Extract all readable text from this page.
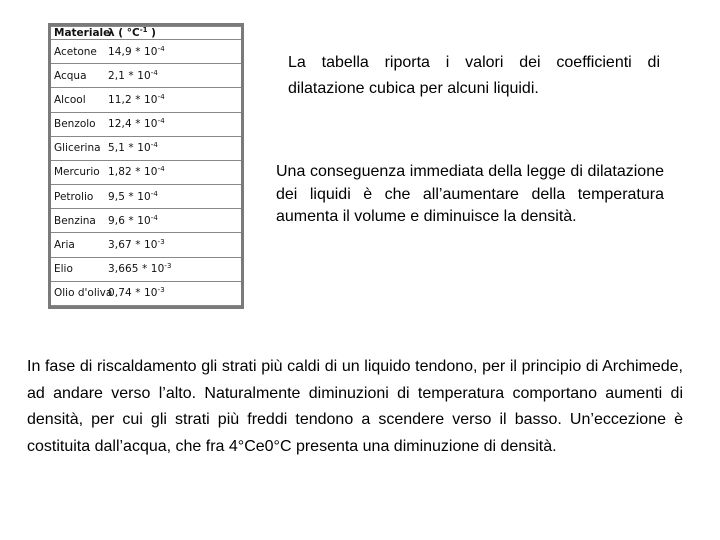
Materiale	λ ( $^\circ C^{-1}$ )
Acetone	$14,9 * 10^{-4}$
Acqua	$2,1 * 10^{-4}$
Alcool	$11,2 * 10^{-4}$
Benzolo	$12,4 * 10^{-4}$
Glicerina	$5,1 * 10^{-4}$
Mercurio	$1,82 * 10^{-4}$
Petrolio	$9,5 * 10^{-4}$
Benzina	$9,6 * 10^{-4}$
Aria	$3,67 * 10^{-3}$
Elio	$3,665 * 10^{-3}$
Olio d'oliva	$0,74 * 10^{-3}$

La tabella riporta i valori dei coefficienti di dilatazione cubica per alcuni liquidi.

Una conseguenza immediata della legge di dilatazione dei liquidi è che all’aumentare della temperatura aumenta il volume e diminuisce la densità.

In fase di riscaldamento gli strati più caldi di un liquido tendono, per il principio di Archimede, ad andare verso l’alto. Naturalmente diminuzioni di temperatura comportano aumenti di densità, per cui gli strati più freddi tendono a scendere verso il basso. Un’eccezione è costituita dall’acqua, che fra 4°Ce0°C presenta una diminuzione di densità.
